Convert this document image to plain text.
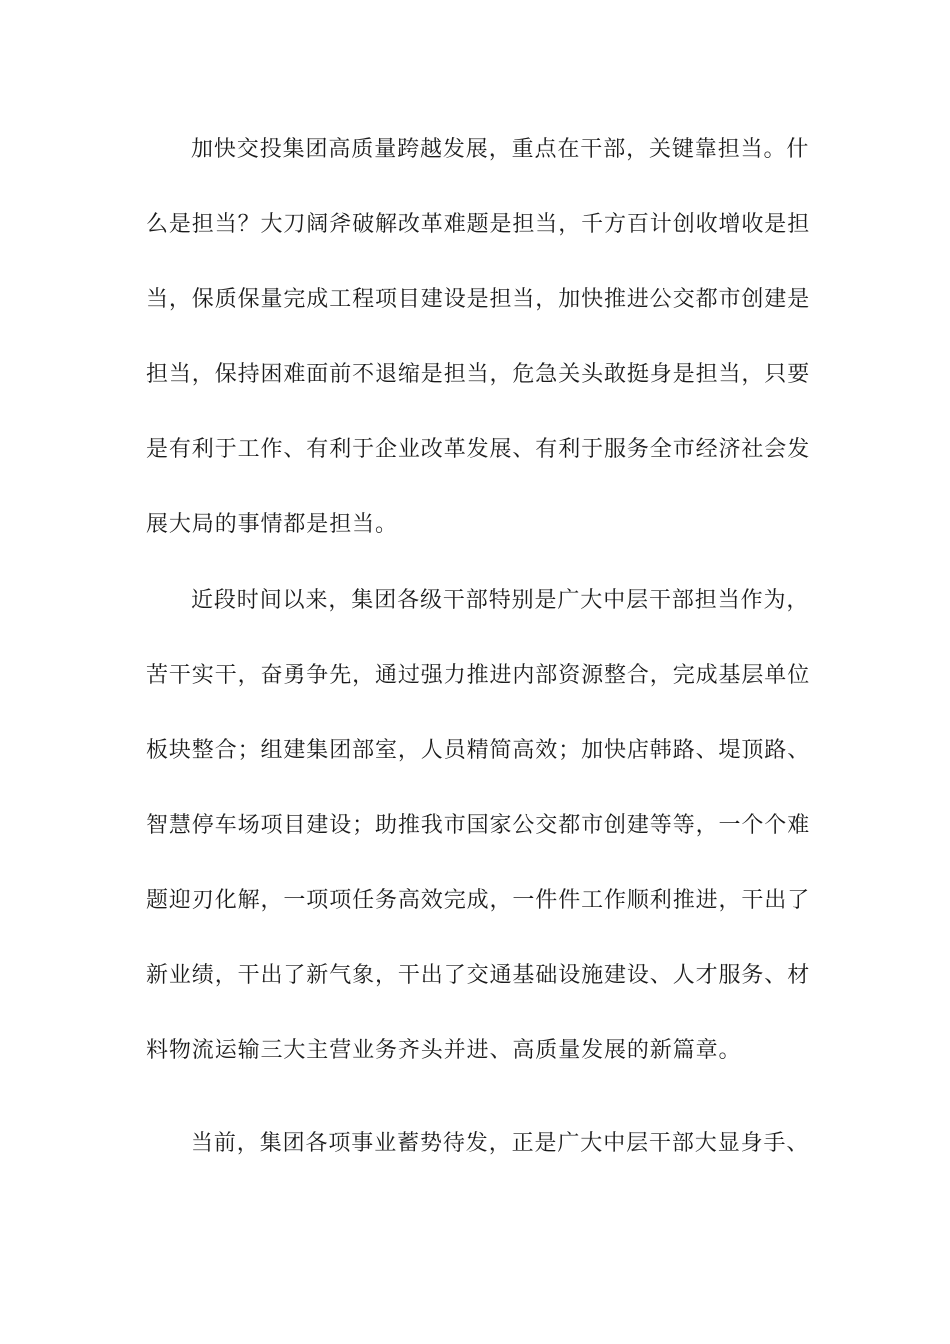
加快交投集团高质量跨越发展，重点在干部，关键靠担当。什
么是担当？大刀阔斧破解改革难题是担当，千方百计创收增收是担
当，保质保量完成工程项目建设是担当，加快推进公交都市创建是
担当，保持困难面前不退缩是担当，危急关头敢挺身是担当，只要
是有利于工作、有利于企业改革发展、有利于服务全市经济社会发
展大局的事情都是担当。
近段时间以来，集团各级干部特别是广大中层干部担当作为，
苦干实干，奋勇争先，通过强力推进内部资源整合，完成基层单位
板块整合；组建集团部室，人员精简高效；加快店韩路、堤顶路、
智慧停车场项目建设；助推我市国家公交都市创建等等，一个个难
题迎刃化解，一项项任务高效完成，一件件工作顺利推进，干出了
新业绩，干出了新气象，干出了交通基础设施建设、人才服务、材
料物流运输三大主营业务齐头并进、高质量发展的新篇章。
当前，集团各项事业蓄势待发，正是广大中层干部大显身手、
